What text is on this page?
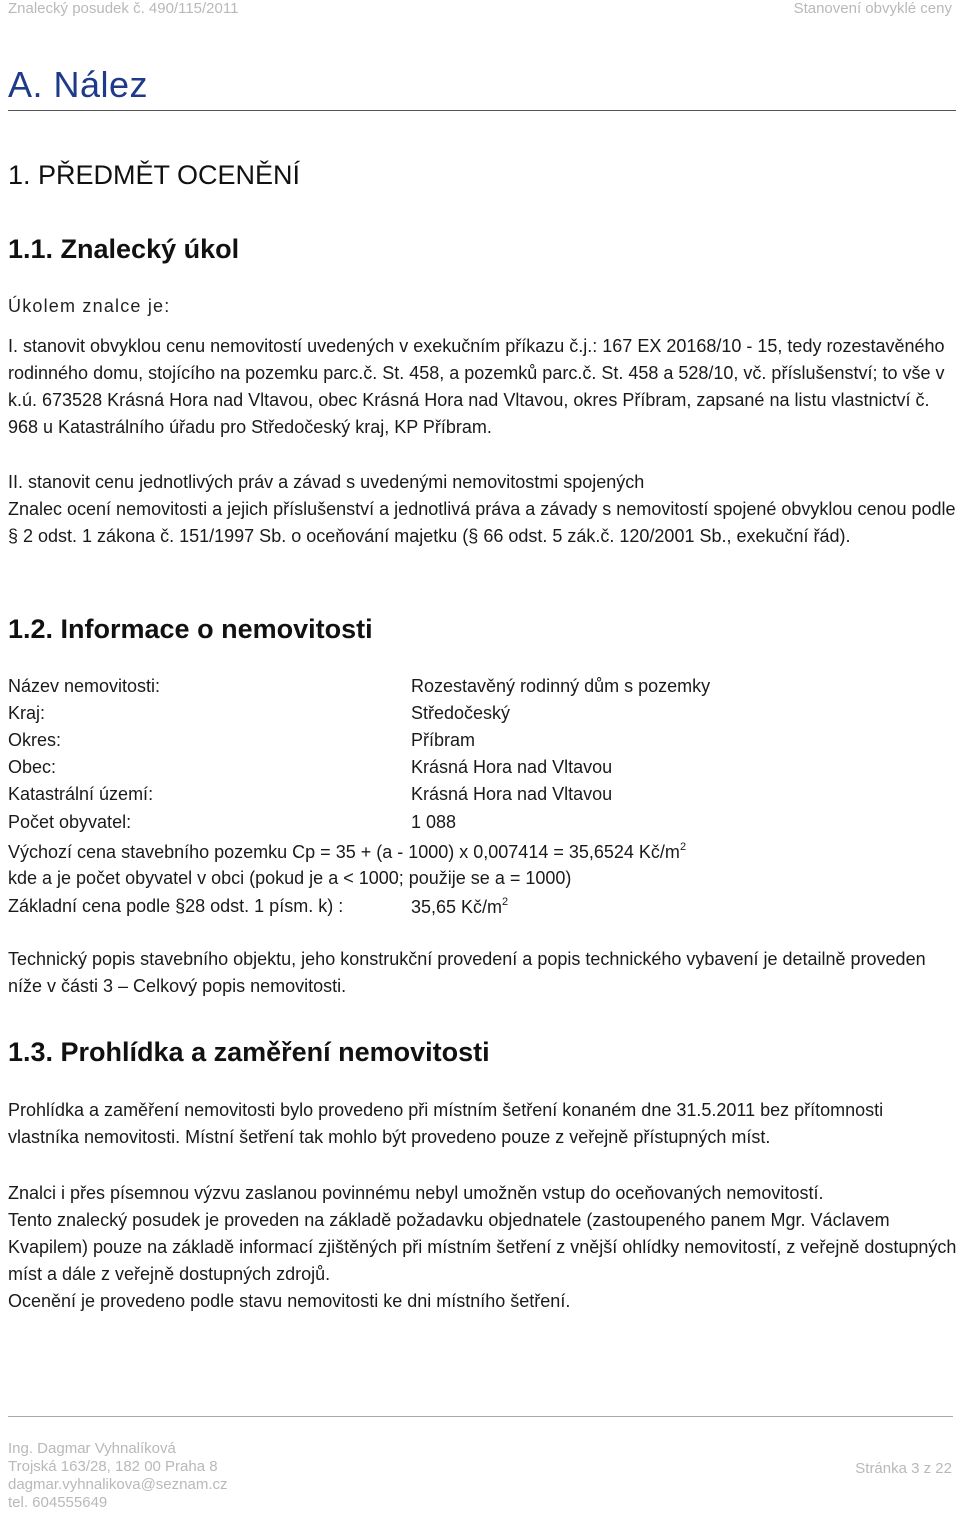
Znalecký posudek č. 490/115/2011	Stanovení obvyklé ceny
A. Nález
1. PŘEDMĚT OCENĚNÍ
1.1. Znalecký úkol
Úkolem znalce je:

I. stanovit obvyklou cenu nemovitostí uvedených v exekučním příkazu č.j.: 167 EX 20168/10 - 15, tedy rozestavěného rodinného domu, stojícího na pozemku parc.č. St. 458, a pozemků parc.č. St. 458 a 528/10, vč. příslušenství; to vše v k.ú. 673528 Krásná Hora nad Vltavou, obec Krásná Hora nad Vltavou, okres Příbram, zapsané na listu vlastnictví č. 968 u Katastrálního úřadu pro Středočeský kraj, KP Příbram.

II. stanovit cenu jednotlivých práv a závad s uvedenými nemovitostmi spojených

Znalec ocení nemovitosti a jejich příslušenství a jednotlivá práva a závady s nemovitostí spojené obvyklou cenou podle § 2 odst. 1 zákona č. 151/1997 Sb. o oceňování majetku (§ 66 odst. 5 zák.č. 120/2001 Sb., exekuční řád).

1.2. Informace o nemovitosti
Název nemovitosti:	Rozestavěný rodinný dům s pozemky
Kraj:	Středočeský
Okres:	Příbram
Obec:	Krásná Hora nad Vltavou
Katastrální území:	Krásná Hora nad Vltavou
Počet obyvatel:	1 088
Výchozí cena stavebního pozemku Cp = 35 + (a - 1000) x 0,007414 = 35,6524 $Kč/m^2$
kde a je počet obyvatel v obci (pokud je a < 1000; použije se a = 1000)
Základní cena podle §28 odst. 1 písm. k) :	35,65 $Kč/m^2$

Technický popis stavebního objektu, jeho konstrukční provedení a popis technického vybavení je detailně proveden níže v části 3 – Celkový popis nemovitosti.

1.3. Prohlídka a zaměření nemovitosti

Prohlídka a zaměření nemovitosti bylo provedeno při místním šetření konaném dne 31.5.2011 bez přítomnosti vlastníka nemovitosti. Místní šetření tak mohlo být provedeno pouze z veřejně přístupných míst.

Znalci i přes písemnou výzvu zaslanou povinnému nebyl umožněn vstup do oceňovaných nemovitostí.

Tento znalecký posudek je proveden na základě požadavku objednatele (zastoupeného panem Mgr. Václavem Kvapilem) pouze na základě informací zjištěných při místním šetření z vnější ohlídky nemovitostí, z veřejně dostupných míst a dále z veřejně dostupných zdrojů.

Ocenění je provedeno podle stavu nemovitosti ke dni místního šetření.

Ing. Dagmar Vyhnalíková
Trojská 163/28, 182 00 Praha 8
dagmar.vyhnalikova@seznam.cz
tel. 604555649
Stránka 3 z 22
